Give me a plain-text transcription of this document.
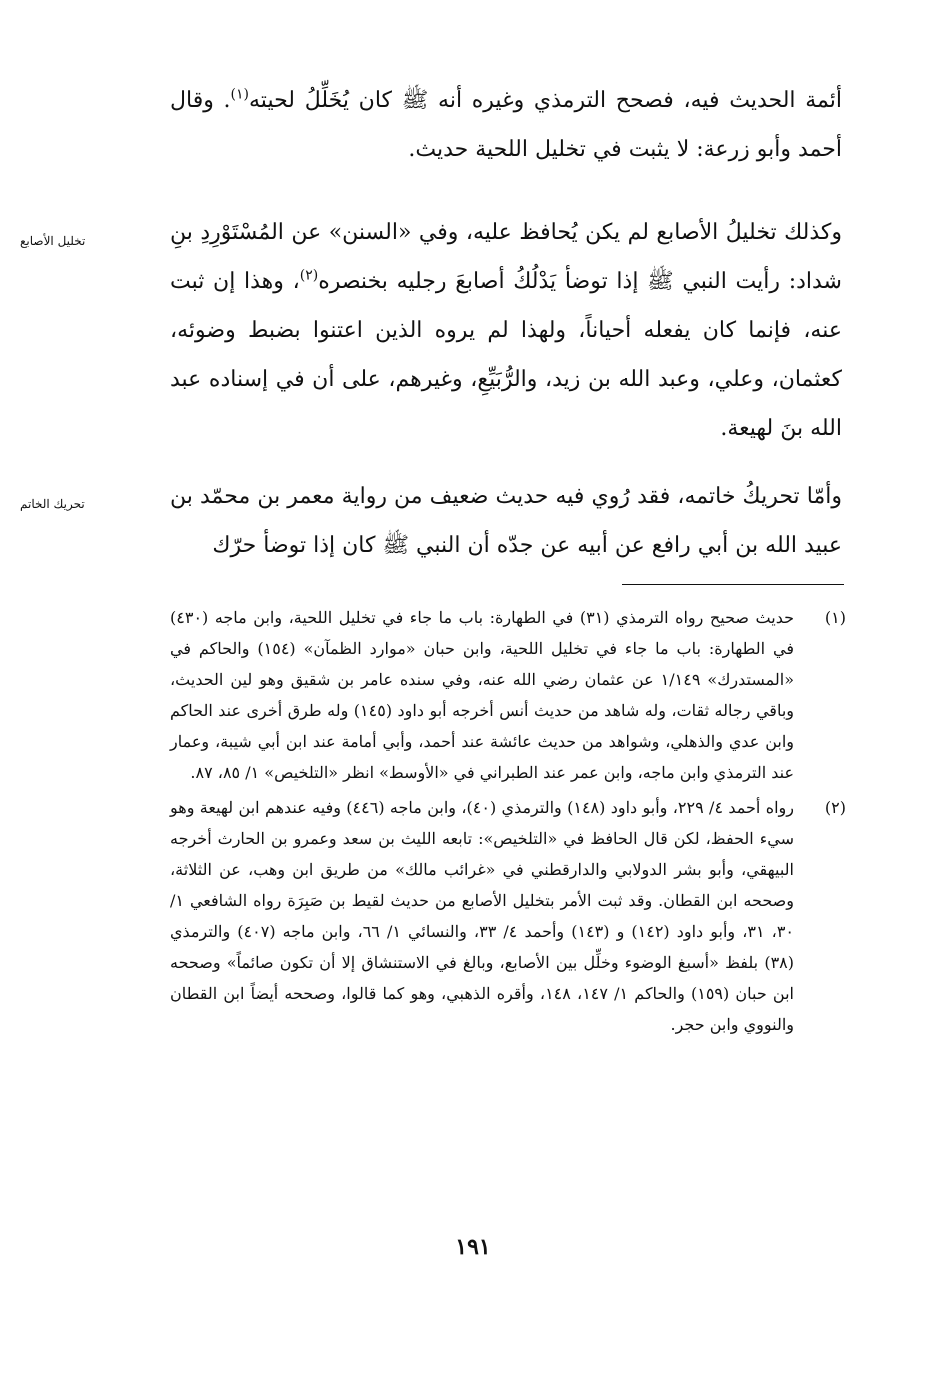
أئمة الحديث فيه، فصحح الترمذي وغيره أنه ﷺ كان يُخَلِّلُ لحيته$^{(١)}$. وقال أحمد وأبو زرعة: لا يثبت في تخليل اللحية حديث.

تخليل الأصابع	وكذلك تخليلُ الأصابع لم يكن يُحافظ عليه، وفي «السنن» عن المُسْتَوْرِدِ بنِ شداد: رأيت النبي ﷺ إذا توضأ يَدْلُكُ أصابعَ رجليه بخنصره$^{(٢)}$، وهذا إن ثبت عنه، فإنما كان يفعله أحياناً، ولهذا لم يروه الذين اعتنوا بضبط وضوئه، كعثمان، وعلي، وعبد الله بن زيد، والرُّبَيِّعِ، وغيرهم، على أن في إسناده عبد الله بنَ لهيعة.

تحريك الخاتم	وأمّا تحريكُ خاتمه، فقد رُوي فيه حديث ضعيف من رواية معمر بن محمّد بن عبيد الله بن أبي رافع عن أبيه عن جدّه أن النبي ﷺ كان إذا توضأ حرّك

(١)
حديث صحيح رواه الترمذي (٣١) في الطهارة: باب ما جاء في تخليل اللحية، وابن ماجه (٤٣٠) في الطهارة: باب ما جاء في تخليل اللحية، وابن حبان «موارد الظمآن» (١٥٤) والحاكم في «المستدرك» ١/١٤٩ عن عثمان رضي الله عنه، وفي سنده عامر بن شقيق وهو لين الحديث، وباقي رجاله ثقات، وله شاهد من حديث أنس أخرجه أبو داود (١٤٥) وله طرق أخرى عند الحاكم وابن عدي والذهلي، وشواهد من حديث عائشة عند أحمد، وأبي أمامة عند ابن أبي شيبة، وعمار عند الترمذي وابن ماجه، وابن عمر عند الطبراني في «الأوسط» انظر «التلخيص» ١/ ٨٥، ٨٧.

(٢)
رواه أحمد ٤/ ٢٢٩، وأبو داود (١٤٨) والترمذي (٤٠)، وابن ماجه (٤٤٦) وفيه عندهم ابن لهيعة وهو سيء الحفظ، لكن قال الحافظ في «التلخيص»: تابعه الليث بن سعد وعمرو بن الحارث أخرجه البيهقي، وأبو بشر الدولابي والدارقطني في «غرائب مالك» من طريق ابن وهب، عن الثلاثة، وصححه ابن القطان. وقد ثبت الأمر بتخليل الأصابع من حديث لقيط بن صَبِرَة رواه الشافعي ١/ ٣٠، ٣١، وأبو داود (١٤٢) و (١٤٣) وأحمد ٤/ ٣٣، والنسائي ١/ ٦٦، وابن ماجه (٤٠٧) والترمذي (٣٨) بلفظ «أسبغ الوضوء وخلِّل بين الأصابع، وبالغ في الاستنشاق إلا أن تكون صائماً» وصححه ابن حبان (١٥٩) والحاكم ١/ ١٤٧، ١٤٨، وأقره الذهبي، وهو كما قالوا، وصححه أيضاً ابن القطان والنووي وابن حجر.

١٩١
